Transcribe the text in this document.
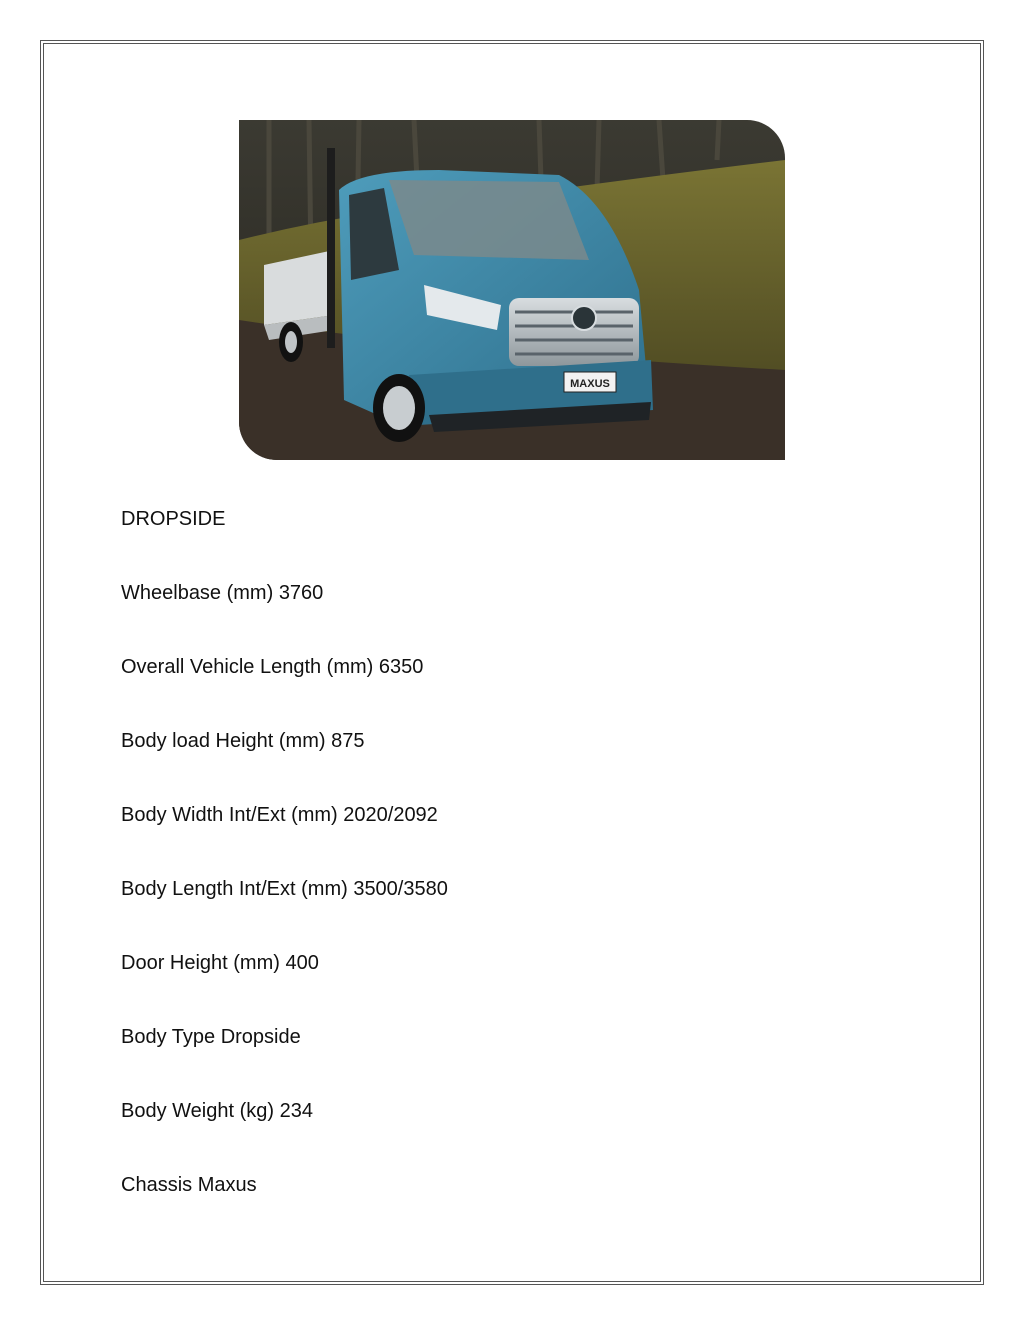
MAXUS

DROPSIDE

Wheelbase (mm) 3760

Overall Vehicle Length (mm) 6350

Body load Height (mm) 875

Body Width Int/Ext (mm) 2020/2092

Body Length Int/Ext (mm) 3500/3580

Door Height (mm) 400

Body Type Dropside

Body Weight (kg) 234

Chassis Maxus
